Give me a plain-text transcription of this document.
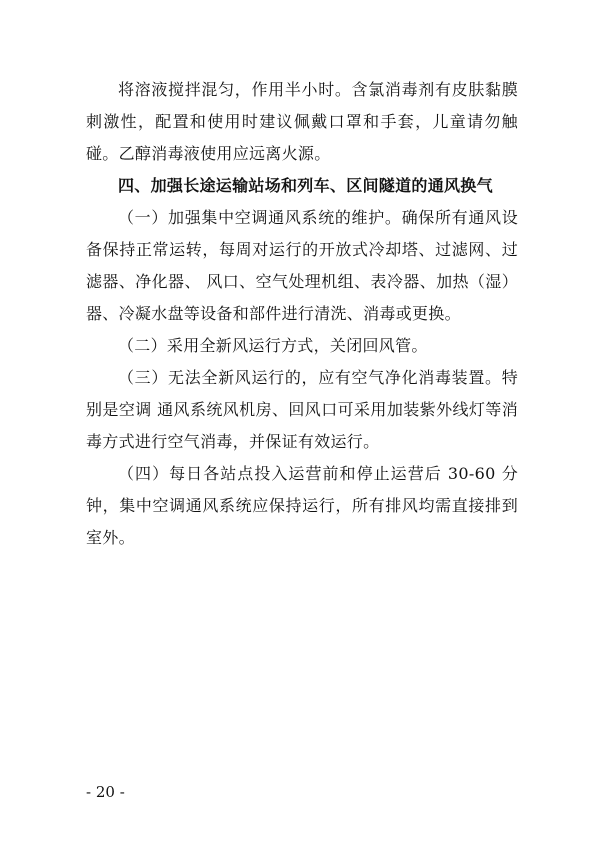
将溶液搅拌混匀，作用半小时。含氯消毒剂有皮肤黏膜刺激性，配置和使用时建议佩戴口罩和手套，儿童请勿触碰。乙醇消毒液使用应远离火源。

四、加强长途运输站场和列车、区间隧道的通风换气

（一）加强集中空调通风系统的维护。确保所有通风设备保持正常运转，每周对运行的开放式冷却塔、过滤网、过滤器、净化器、 风口、空气处理机组、表冷器、加热（湿）器、冷凝水盘等设备和部件进行清洗、消毒或更换。

（二）采用全新风运行方式，关闭回风管。

（三）无法全新风运行的，应有空气净化消毒装置。特别是空调 通风系统风机房、回风口可采用加装紫外线灯等消毒方式进行空气消毒，并保证有效运行。

（四）每日各站点投入运营前和停止运营后 30-60 分钟，集中空调通风系统应保持运行，所有排风均需直接排到室外。

- 20 -
